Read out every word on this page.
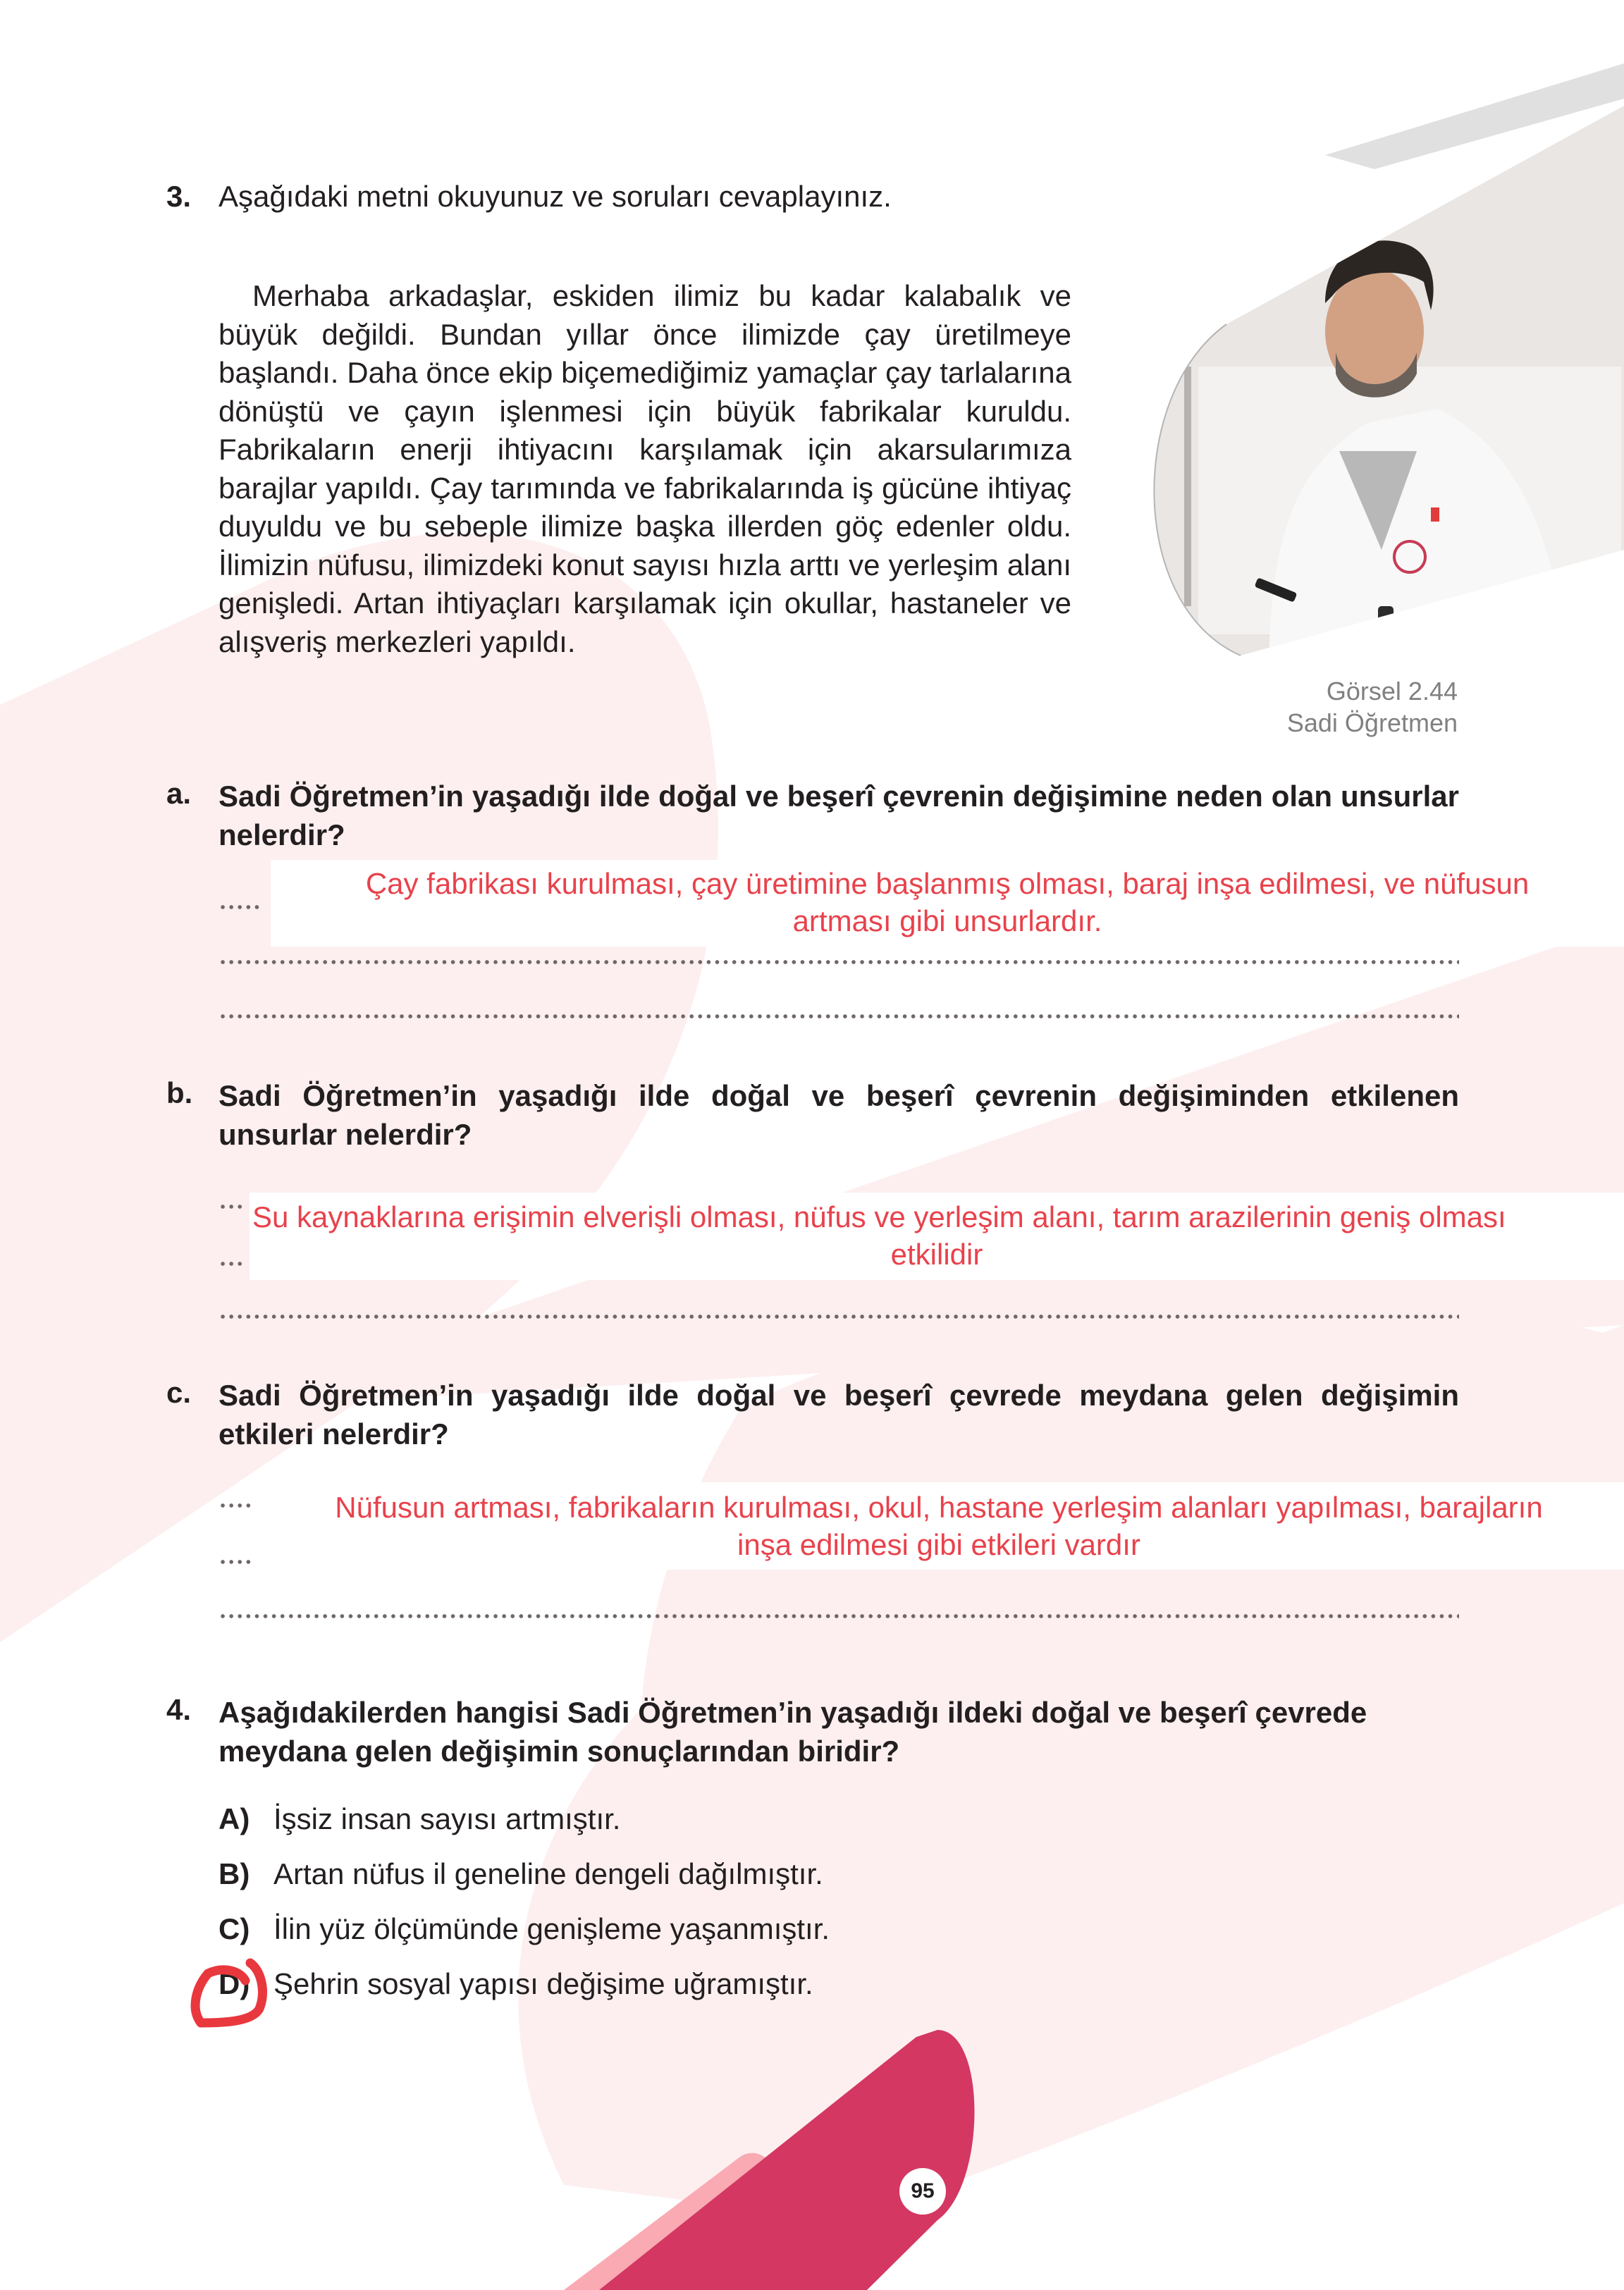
3. Aşağıdaki metni okuyunuz ve soruları cevaplayınız.
Merhaba arkadaşlar, eskiden ilimiz bu kadar kalabalık ve büyük değildi. Bundan yıllar önce ilimizde çay üretilmeye başlandı. Daha önce ekip biçemediğimiz yamaçlar çay tarlalarına dönüştü ve çayın işlenmesi için büyük fabrikalar kuruldu. Fabrikaların enerji ihtiyacını karşılamak için akarsularımıza barajlar yapıldı. Çay tarımında ve fabrikalarında iş gücüne ihtiyaç duyuldu ve bu sebeple ilimize başka illerden göç edenler oldu. İlimizin nüfusu, ilimizdeki konut sayısı hızla arttı ve yerleşim alanı genişledi. Artan ihtiyaçları karşılamak için okullar, hastaneler ve alışveriş merkezleri yapıldı.
Görsel 2.44
Sadi Öğretmen
a. Sadi Öğretmen’in yaşadığı ilde doğal ve beşerî çevrenin değişimine neden olan unsurlar nelerdir?
Çay fabrikası kurulması, çay üretimine başlanmış olması, baraj inşa edilmesi, ve nüfusun
artması gibi unsurlardır.
b. Sadi Öğretmen’in yaşadığı ilde doğal ve beşerî çevrenin değişiminden etkilenen unsurlar nelerdir?
Su kaynaklarına erişimin elverişli olması, nüfus ve yerleşim alanı, tarım arazilerinin geniş olması
etkilidir
c. Sadi Öğretmen’in yaşadığı ilde doğal ve beşerî çevrede meydana gelen değişimin etkileri nelerdir?
Nüfusun artması, fabrikaların kurulması, okul, hastane yerleşim alanları yapılması, barajların
inşa edilmesi gibi etkileri vardır
4. Aşağıdakilerden hangisi Sadi Öğretmen’in yaşadığı ildeki doğal ve beşerî çevrede meydana gelen değişimin sonuçlarından biridir?
A) İşsiz insan sayısı artmıştır.
B) Artan nüfus il geneline dengeli dağılmıştır.
C) İlin yüz ölçümünde genişleme yaşanmıştır.
D) Şehrin sosyal yapısı değişime uğramıştır.
95
